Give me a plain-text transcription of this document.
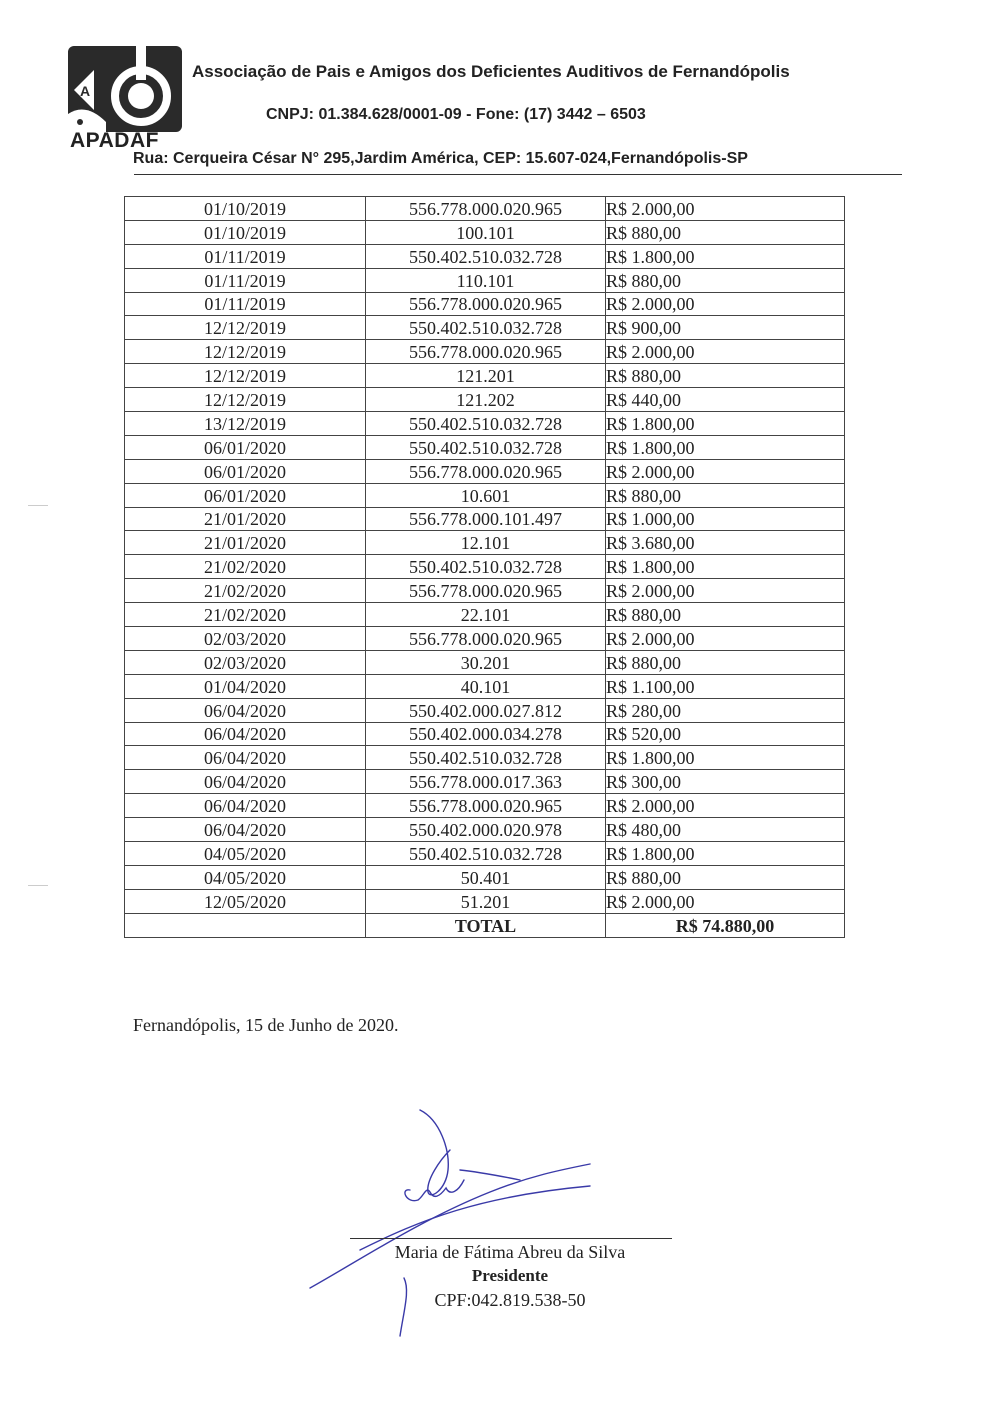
A
APADAF
Associação de Pais e Amigos dos Deficientes Auditivos de Fernandópolis
CNPJ: 01.384.628/0001-09 - Fone: (17) 3442 – 6503
Rua: Cerqueira César N° 295,Jardim América, CEP: 15.607-024,Fernandópolis-SP
01/10/2019	556.778.000.020.965	R$ 2.000,00
01/10/2019	100.101	R$ 880,00
01/11/2019	550.402.510.032.728	R$ 1.800,00
01/11/2019	110.101	R$ 880,00
01/11/2019	556.778.000.020.965	R$ 2.000,00
12/12/2019	550.402.510.032.728	R$ 900,00
12/12/2019	556.778.000.020.965	R$ 2.000,00
12/12/2019	121.201	R$ 880,00
12/12/2019	121.202	R$ 440,00
13/12/2019	550.402.510.032.728	R$ 1.800,00
06/01/2020	550.402.510.032.728	R$ 1.800,00
06/01/2020	556.778.000.020.965	R$ 2.000,00
06/01/2020	10.601	R$ 880,00
21/01/2020	556.778.000.101.497	R$ 1.000,00
21/01/2020	12.101	R$ 3.680,00
21/02/2020	550.402.510.032.728	R$ 1.800,00
21/02/2020	556.778.000.020.965	R$ 2.000,00
21/02/2020	22.101	R$ 880,00
02/03/2020	556.778.000.020.965	R$ 2.000,00
02/03/2020	30.201	R$ 880,00
01/04/2020	40.101	R$ 1.100,00
06/04/2020	550.402.000.027.812	R$ 280,00
06/04/2020	550.402.000.034.278	R$ 520,00
06/04/2020	550.402.510.032.728	R$ 1.800,00
06/04/2020	556.778.000.017.363	R$ 300,00
06/04/2020	556.778.000.020.965	R$ 2.000,00
06/04/2020	550.402.000.020.978	R$ 480,00
04/05/2020	550.402.510.032.728	R$ 1.800,00
04/05/2020	50.401	R$ 880,00
12/05/2020	51.201	R$ 2.000,00
	TOTAL	R$ 74.880,00
Fernandópolis, 15 de Junho de 2020.
Maria de Fátima Abreu da Silva
Presidente
CPF:042.819.538-50
